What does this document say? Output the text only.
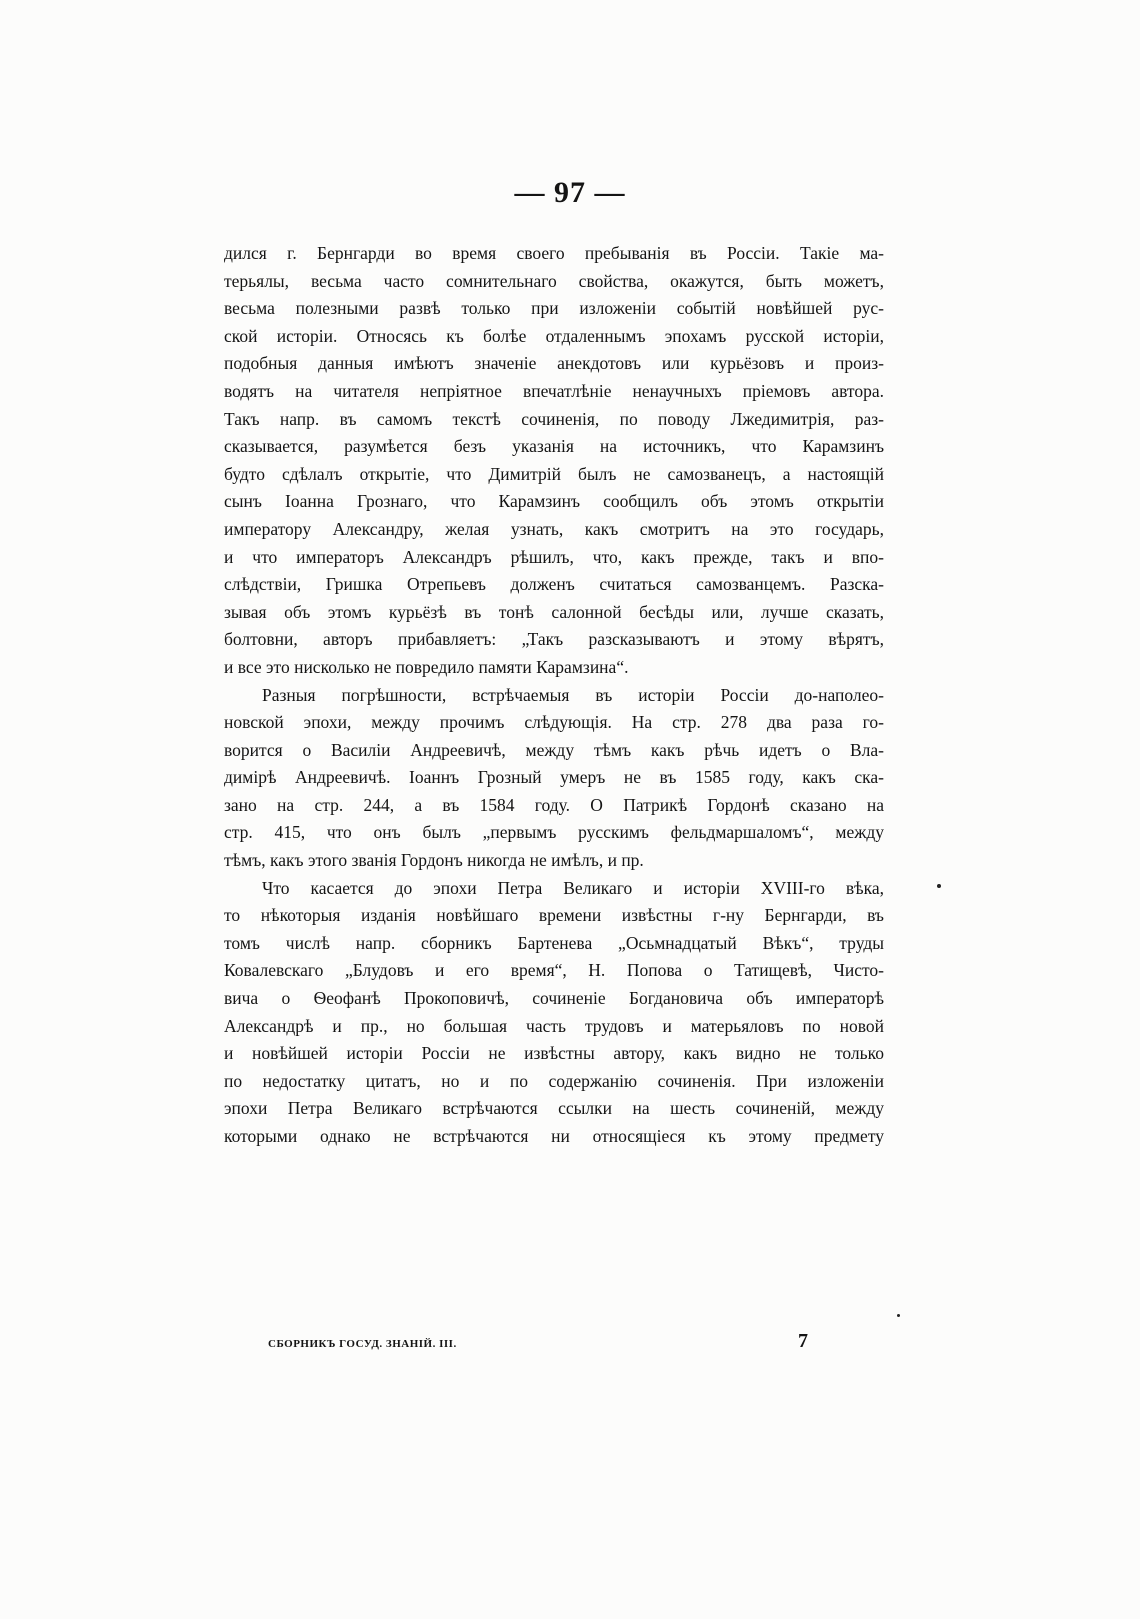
— 97 —
дился г. Бернгарди во время своего пребыванія въ Россіи. Такіе ма-
терьялы, весьма часто сомнительнаго свойства, окажутся, быть можетъ,
весьма полезными развѣ только при изложеніи событій новѣйшей рус-
ской исторіи. Относясь къ болѣе отдаленнымъ эпохамъ русской исторіи,
подобныя данныя имѣютъ значеніе анекдотовъ или курьёзовъ и произ-
водятъ на читателя непріятное впечатлѣніе ненаучныхъ пріемовъ автора.
Такъ напр. въ самомъ текстѣ сочиненія, по поводу Лжедимитрія, раз-
сказывается, разумѣется безъ указанія на источникъ, что Карамзинъ
будто сдѣлалъ открытіе, что Димитрій былъ не самозванецъ, а настоящій
сынъ Іоанна Грознаго, что Карамзинъ сообщилъ объ этомъ открытіи
императору Александру, желая узнать, какъ смотритъ на это государь,
и что императоръ Александръ рѣшилъ, что, какъ прежде, такъ и впо-
слѣдствіи, Гришка Отрепьевъ долженъ считаться самозванцемъ. Разска-
зывая объ этомъ курьёзѣ въ тонѣ салонной бесѣды или, лучше сказать,
болтовни, авторъ прибавляетъ: „Такъ разсказываютъ и этому вѣрятъ,
и все это нисколько не повредило памяти Карамзина“.
Разныя погрѣшности, встрѣчаемыя въ исторіи Россіи до-наполео-
новской эпохи, между прочимъ слѣдующія. На стр. 278 два раза го-
ворится о Василіи Андреевичѣ, между тѣмъ какъ рѣчь идетъ о Вла-
димірѣ Андреевичѣ. Іоаннъ Грозный умеръ не въ 1585 году, какъ ска-
зано на стр. 244, а въ 1584 году. О Патрикѣ Гордонѣ сказано на
стр. 415, что онъ былъ „первымъ русскимъ фельдмаршаломъ“, между
тѣмъ, какъ этого званія Гордонъ никогда не имѣлъ, и пр.
Что касается до эпохи Петра Великаго и исторіи XVIII-го вѣка,
то нѣкоторыя изданія новѣйшаго времени извѣстны г-ну Бернгарди, въ
томъ числѣ напр. сборникъ Бартенева „Осьмнадцатый Вѣкъ“, труды
Ковалевскаго „Блудовъ и его время“, Н. Попова о Татищевѣ, Чисто-
вича о Ѳеофанѣ Прокоповичѣ, сочиненіе Богдановича объ императорѣ
Александрѣ и пр., но большая часть трудовъ и матерьяловъ по новой
и новѣйшей исторіи Россіи не извѣстны автору, какъ видно не только
по недостатку цитатъ, но и по содержанію сочиненія. При изложеніи
эпохи Петра Великаго встрѣчаются ссылки на шесть сочиненій, между
которыми однако не встрѣчаются ни относящіеся къ этому предмету
СБОРНИКЪ ГОСУД. ЗНАНІЙ. III.	7
